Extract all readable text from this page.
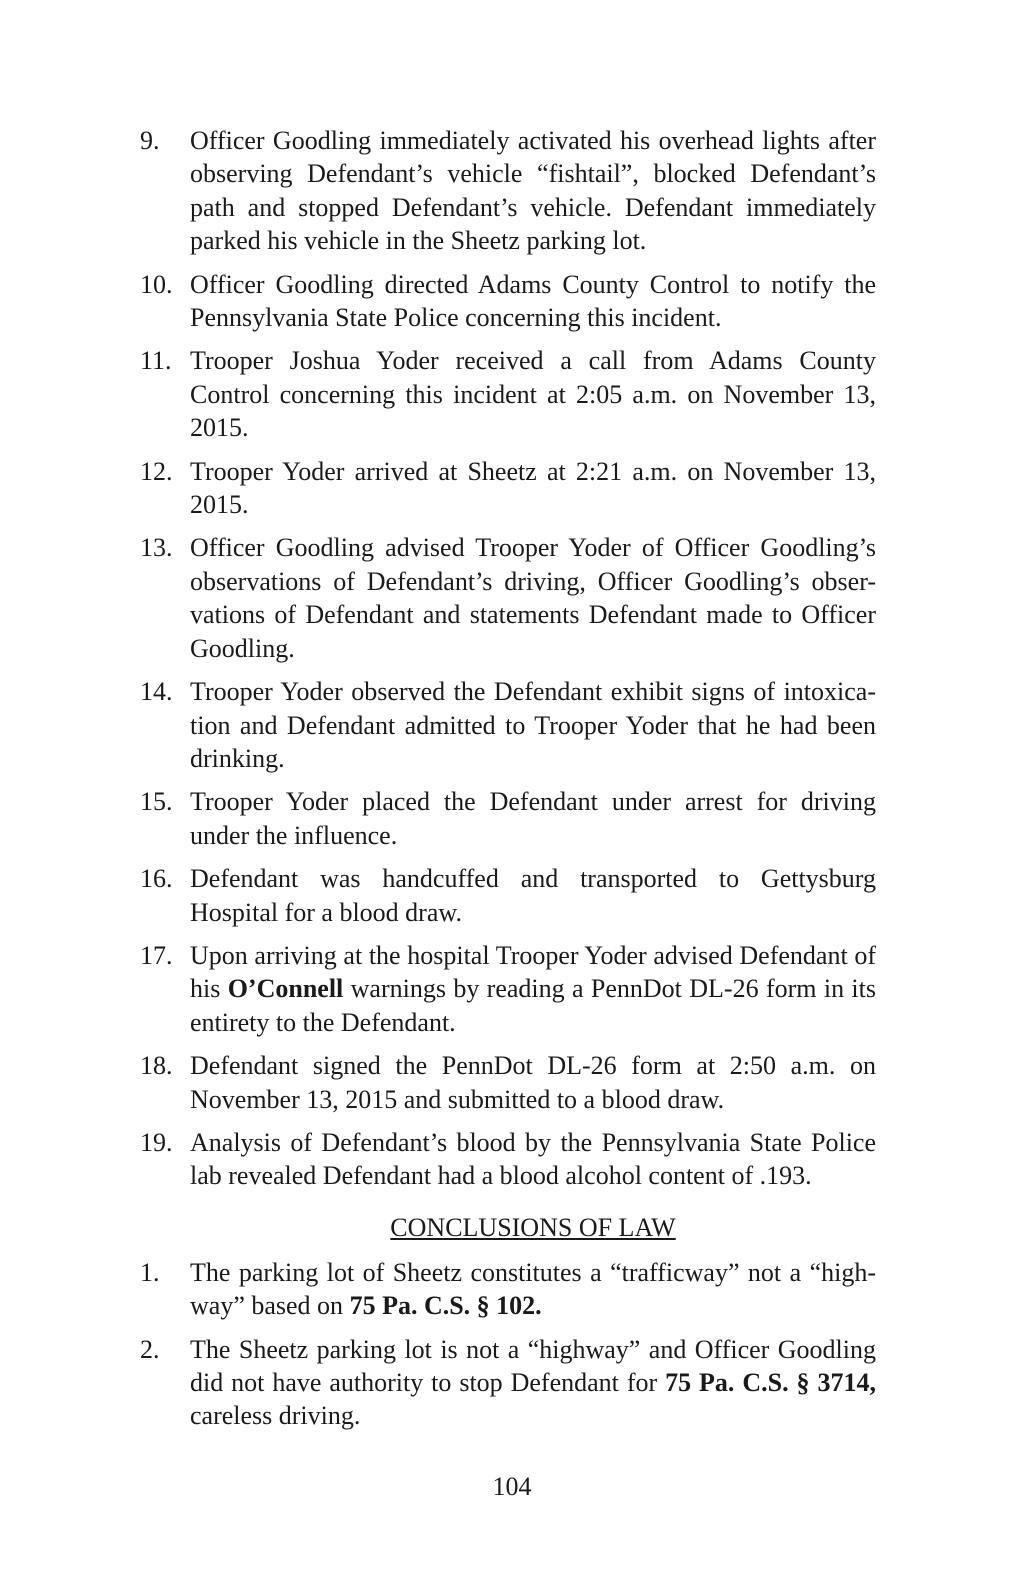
9. Officer Goodling immediately activated his overhead lights after observing Defendant’s vehicle “fishtail”, blocked Defendant’s path and stopped Defendant’s vehicle. Defendant immediately parked his vehicle in the Sheetz parking lot.
10. Officer Goodling directed Adams County Control to notify the Pennsylvania State Police concerning this incident.
11. Trooper Joshua Yoder received a call from Adams County Control concerning this incident at 2:05 a.m. on November 13, 2015.
12. Trooper Yoder arrived at Sheetz at 2:21 a.m. on November 13, 2015.
13. Officer Goodling advised Trooper Yoder of Officer Goodling’s observations of Defendant’s driving, Officer Goodling’s obser-vations of Defendant and statements Defendant made to Officer Goodling.
14. Trooper Yoder observed the Defendant exhibit signs of intoxica-tion and Defendant admitted to Trooper Yoder that he had been drinking.
15. Trooper Yoder placed the Defendant under arrest for driving under the influence.
16. Defendant was handcuffed and transported to Gettysburg Hospital for a blood draw.
17. Upon arriving at the hospital Trooper Yoder advised Defendant of his O’Connell warnings by reading a PennDot DL-26 form in its entirety to the Defendant.
18. Defendant signed the PennDot DL-26 form at 2:50 a.m. on November 13, 2015 and submitted to a blood draw.
19. Analysis of Defendant’s blood by the Pennsylvania State Police lab revealed Defendant had a blood alcohol content of .193.
CONCLUSIONS OF LAW
1. The parking lot of Sheetz constitutes a “trafficway” not a “high-way” based on 75 Pa. C.S. § 102.
2. The Sheetz parking lot is not a “highway” and Officer Goodling did not have authority to stop Defendant for 75 Pa. C.S. § 3714, careless driving.
104
